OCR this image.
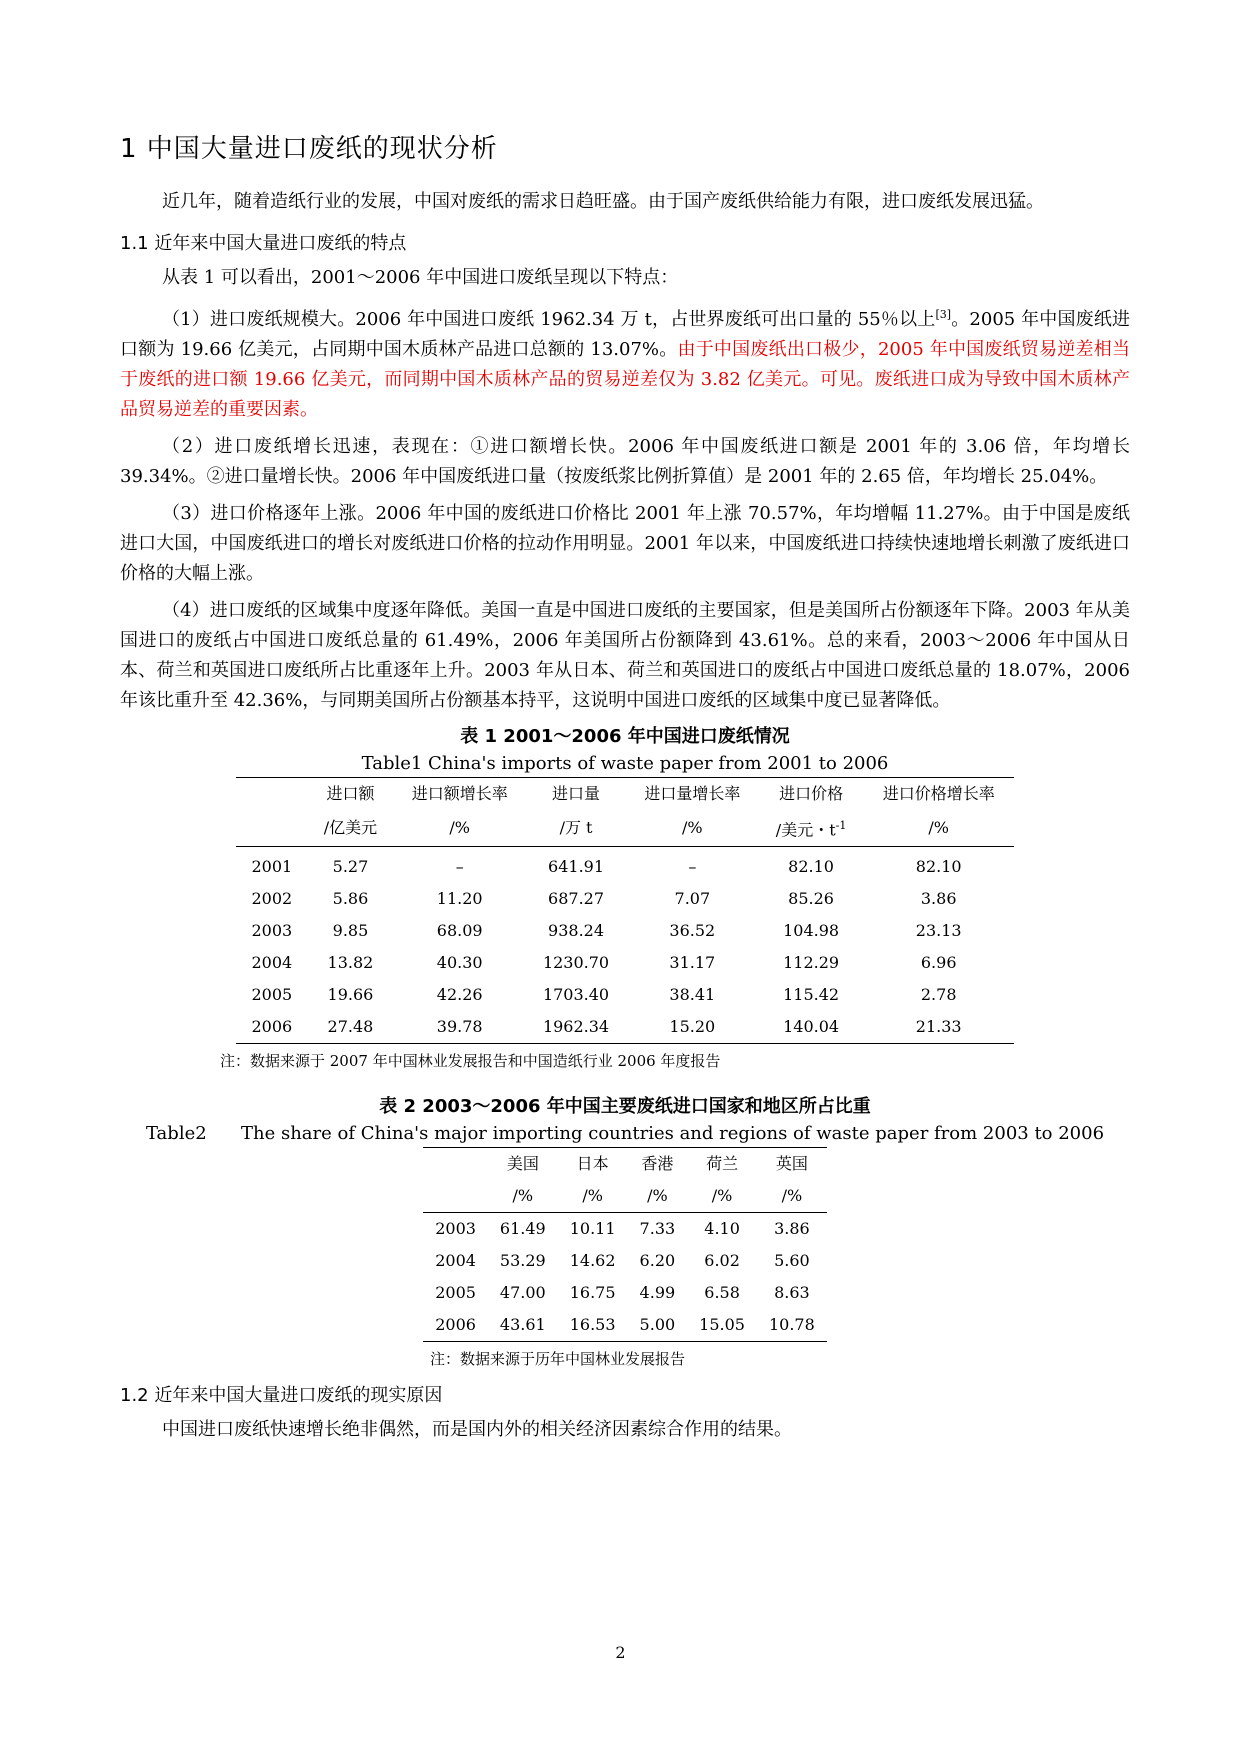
1 中国大量进口废纸的现状分析

近几年，随着造纸行业的发展，中国对废纸的需求日趋旺盛。由于国产废纸供给能力有限，进口废纸发展迅猛。

1.1 近年来中国大量进口废纸的特点

从表 1 可以看出，2001～2006 年中国进口废纸呈现以下特点：

（1）进口废纸规模大。2006 年中国进口废纸 1962.34 万 t，占世界废纸可出口量的 55％以上[3]。2005 年中国废纸进口额为 19.66 亿美元，占同期中国木质林产品进口总额的 13.07%。由于中国废纸出口极少，2005 年中国废纸贸易逆差相当于废纸的进口额 19.66 亿美元，而同期中国木质林产品的贸易逆差仅为 3.82 亿美元。可见。废纸进口成为导致中国木质林产品贸易逆差的重要因素。

（2）进口废纸增长迅速，表现在：①进口额增长快。2006 年中国废纸进口额是 2001 年的 3.06 倍，年均增长 39.34%。②进口量增长快。2006 年中国废纸进口量（按废纸浆比例折算值）是 2001 年的 2.65 倍，年均增长 25.04%。

（3）进口价格逐年上涨。2006 年中国的废纸进口价格比 2001 年上涨 70.57%，年均增幅 11.27%。由于中国是废纸进口大国，中国废纸进口的增长对废纸进口价格的拉动作用明显。2001 年以来，中国废纸进口持续快速地增长刺激了废纸进口价格的大幅上涨。

（4）进口废纸的区域集中度逐年降低。美国一直是中国进口废纸的主要国家，但是美国所占份额逐年下降。2003 年从美国进口的废纸占中国进口废纸总量的 61.49%，2006 年美国所占份额降到 43.61%。总的来看，2003～2006 年中国从日本、荷兰和英国进口废纸所占比重逐年上升。2003 年从日本、荷兰和英国进口的废纸占中国进口废纸总量的 18.07%，2006 年该比重升至 42.36%，与同期美国所占份额基本持平，这说明中国进口废纸的区域集中度已显著降低。

表 1 2001～2006 年中国进口废纸情况
Table1 China's imports of waste paper from 2001 to 2006
	进口额	进口额增长率	进口量	进口量增长率	进口价格	进口价格增长率
	/亿美元	/%	/万 t	/%	/美元・$t^{-1}$	/%
2001	5.27	–	641.91	–	82.10	82.10
2002	5.86	11.20	687.27	7.07	85.26	3.86
2003	9.85	68.09	938.24	36.52	104.98	23.13
2004	13.82	40.30	1230.70	31.17	112.29	6.96
2005	19.66	42.26	1703.40	38.41	115.42	2.78
2006	27.48	39.78	1962.34	15.20	140.04	21.33
注：数据来源于 2007 年中国林业发展报告和中国造纸行业 2006 年度报告
表 2 2003～2006 年中国主要废纸进口国家和地区所占比重
Table2      The share of China's major importing countries and regions of waste paper from 2003 to 2006
	美国	日本	香港	荷兰	英国
	/%	/%	/%	/%	/%
2003	61.49	10.11	7.33	4.10	3.86
2004	53.29	14.62	6.20	6.02	5.60
2005	47.00	16.75	4.99	6.58	8.63
2006	43.61	16.53	5.00	15.05	10.78
注：数据来源于历年中国林业发展报告
1.2 近年来中国大量进口废纸的现实原因

中国进口废纸快速增长绝非偶然，而是国内外的相关经济因素综合作用的结果。

2
